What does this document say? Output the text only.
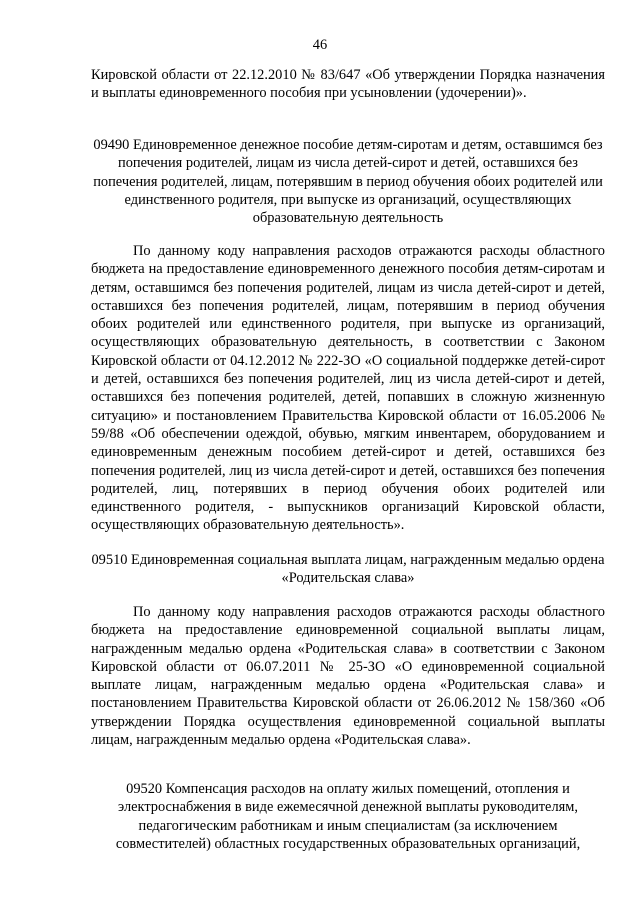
46
Кировской области от 22.12.2010 № 83/647 «Об утверждении Порядка назначения и выплаты единовременного пособия при усыновлении (удочерении)».
09490 Единовременное денежное пособие детям-сиротам и детям, оставшимся без попечения родителей, лицам из числа детей-сирот и детей, оставшихся без попечения родителей, лицам, потерявшим в период обучения обоих родителей или единственного родителя, при выпуске из организаций, осуществляющих образовательную деятельность
По данному коду направления расходов отражаются расходы областного бюджета на предоставление единовременного денежного пособия детям-сиротам и детям, оставшимся без попечения родителей, лицам из числа детей-сирот и детей, оставшихся без попечения родителей, лицам, потерявшим в период обучения обоих родителей или единственного родителя, при выпуске из организаций, осуществляющих образовательную деятельность, в соответствии с Законом Кировской области от 04.12.2012 № 222-ЗО «О социальной поддержке детей-сирот и детей, оставшихся без попечения родителей, лиц из числа детей-сирот и детей, оставшихся без попечения родителей, детей, попавших в сложную жизненную ситуацию» и постановлением Правительства Кировской области от 16.05.2006 № 59/88 «Об обеспечении одеждой, обувью, мягким инвентарем, оборудованием и единовременным денежным пособием детей-сирот и детей, оставшихся без попечения родителей, лиц из числа детей-сирот и детей, оставшихся без попечения родителей, лиц, потерявших в период обучения обоих родителей или единственного родителя, - выпускников организаций Кировской области, осуществляющих образовательную деятельность».
09510 Единовременная социальная выплата лицам, награжденным медалью ордена «Родительская слава»
По данному коду направления расходов отражаются расходы областного бюджета на предоставление единовременной социальной выплаты лицам, награжденным медалью ордена «Родительская слава» в соответствии с Законом Кировской области от 06.07.2011 № 25-ЗО «О единовременной социальной выплате лицам, награжденным медалью ордена «Родительская слава» и постановлением Правительства Кировской области от 26.06.2012 № 158/360 «Об утверждении Порядка осуществления единовременной социальной выплаты лицам, награжденным медалью ордена «Родительская слава».
09520 Компенсация расходов на оплату жилых помещений, отопления и электроснабжения в виде ежемесячной денежной выплаты руководителям, педагогическим работникам и иным специалистам (за исключением совместителей) областных государственных образовательных организаций,
